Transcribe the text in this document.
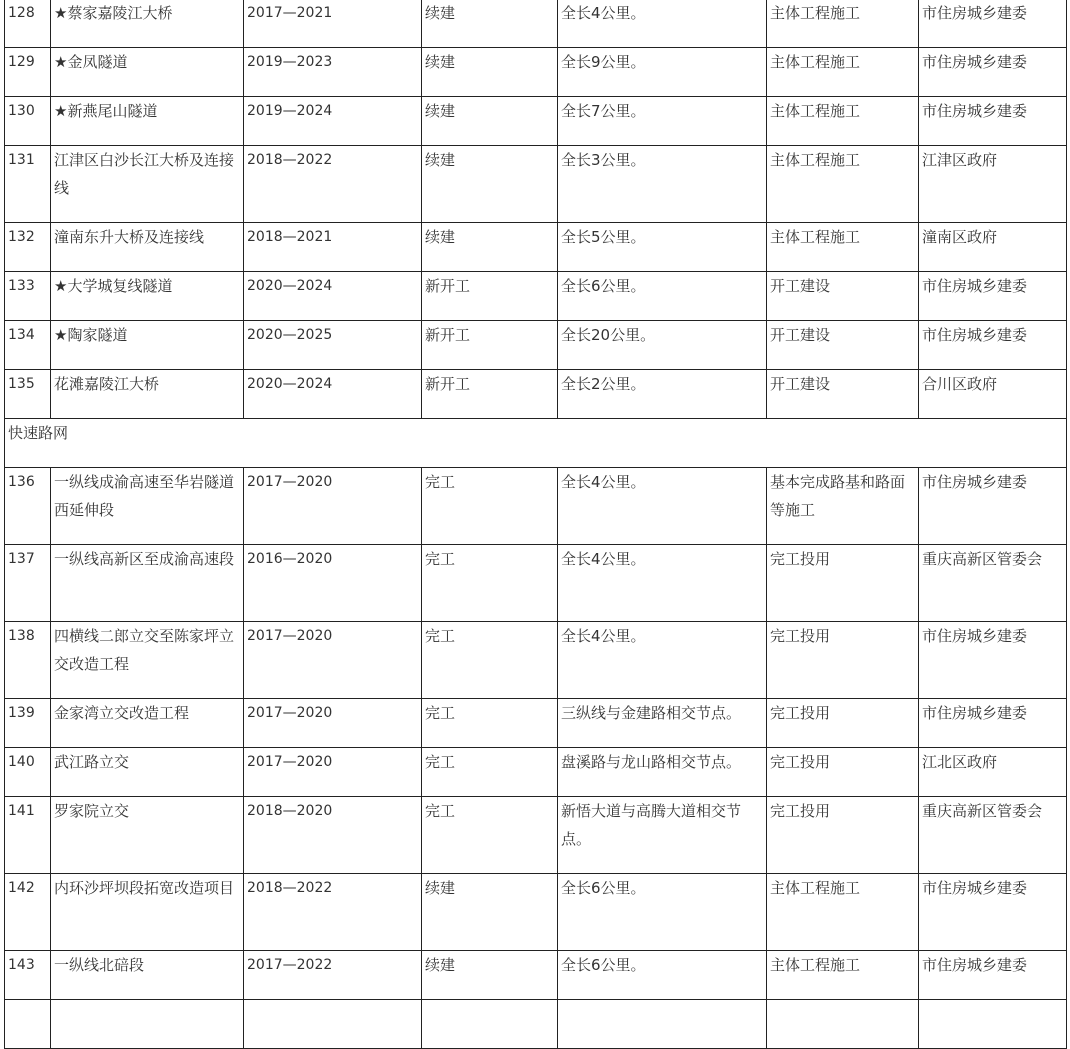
128	★蔡家嘉陵江大桥	2017—2021	续建	全长4公里。	主体工程施工	市住房城乡建委

129	★金凤隧道	2019—2023	续建	全长9公里。	主体工程施工	市住房城乡建委

130	★新燕尾山隧道	2019—2024	续建	全长7公里。	主体工程施工	市住房城乡建委

131	江津区白沙长江大桥及连接线	2018—2022	续建	全长3公里。	主体工程施工	江津区政府

132	潼南东升大桥及连接线	2018—2021	续建	全长5公里。	主体工程施工	潼南区政府

133	★大学城复线隧道	2020—2024	新开工	全长6公里。	开工建设	市住房城乡建委

134	★陶家隧道	2020—2025	新开工	全长20公里。	开工建设	市住房城乡建委

135	花滩嘉陵江大桥	2020—2024	新开工	全长2公里。	开工建设	合川区政府

快速路网						

136	一纵线成渝高速至华岩隧道西延伸段	2017—2020	完工	全长4公里。	基本完成路基和路面等施工	市住房城乡建委

137	一纵线高新区至成渝高速段	2016—2020	完工	全长4公里。	完工投用	重庆高新区管委会

138	四横线二郎立交至陈家坪立交改造工程	2017—2020	完工	全长4公里。	完工投用	市住房城乡建委

139	金家湾立交改造工程	2017—2020	完工	三纵线与金建路相交节点。	完工投用	市住房城乡建委

140	武江路立交	2017—2020	完工	盘溪路与龙山路相交节点。	完工投用	江北区政府

141	罗家院立交	2018—2020	完工	新悟大道与高腾大道相交节点。	完工投用	重庆高新区管委会

142	内环沙坪坝段拓宽改造项目	2018—2022	续建	全长6公里。	主体工程施工	市住房城乡建委

143	一纵线北碚段	2017—2022	续建	全长6公里。	主体工程施工	市住房城乡建委
